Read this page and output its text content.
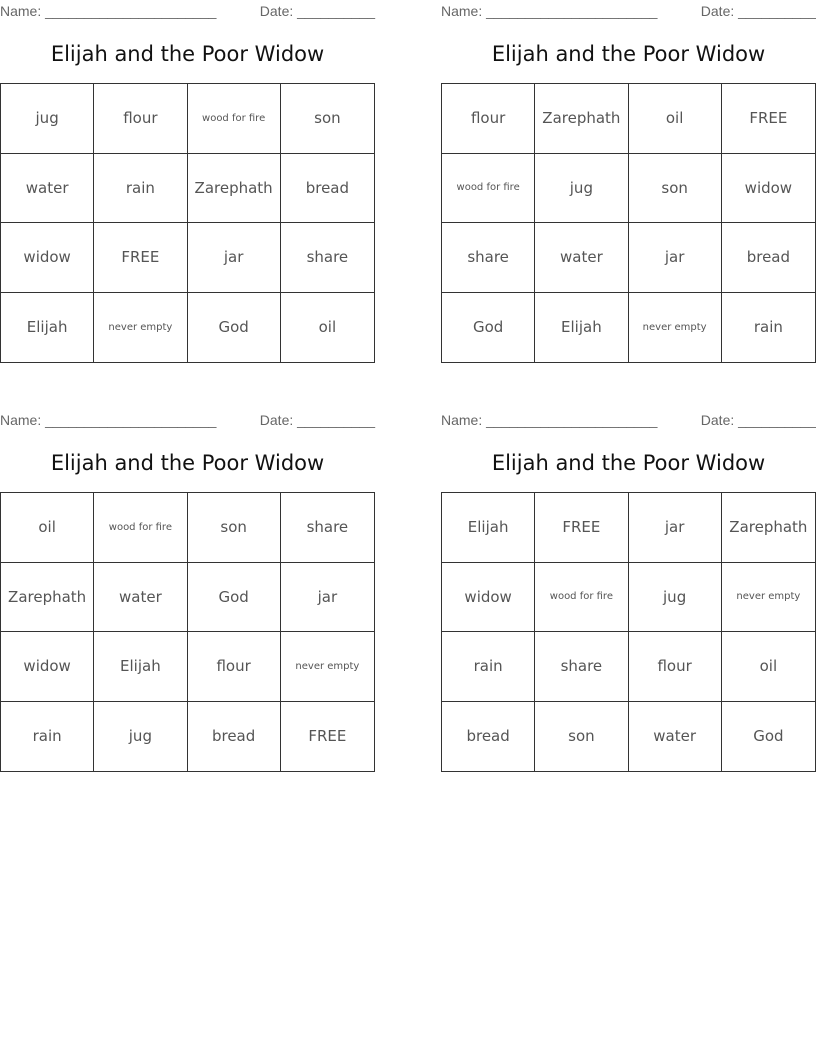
Name: ______________________	Date: __________
Elijah and the Poor Widow
jug	flour	wood for fire	son
water	rain	Zarephath	bread
widow	FREE	jar	share
Elijah	never empty	God	oil
Name: ______________________	Date: __________
Elijah and the Poor Widow
flour	Zarephath	oil	FREE
wood for fire	jug	son	widow
share	water	jar	bread
God	Elijah	never empty	rain
Name: ______________________	Date: __________
Elijah and the Poor Widow
oil	wood for fire	son	share
Zarephath	water	God	jar
widow	Elijah	flour	never empty
rain	jug	bread	FREE
Name: ______________________	Date: __________
Elijah and the Poor Widow
Elijah	FREE	jar	Zarephath
widow	wood for fire	jug	never empty
rain	share	flour	oil
bread	son	water	God
